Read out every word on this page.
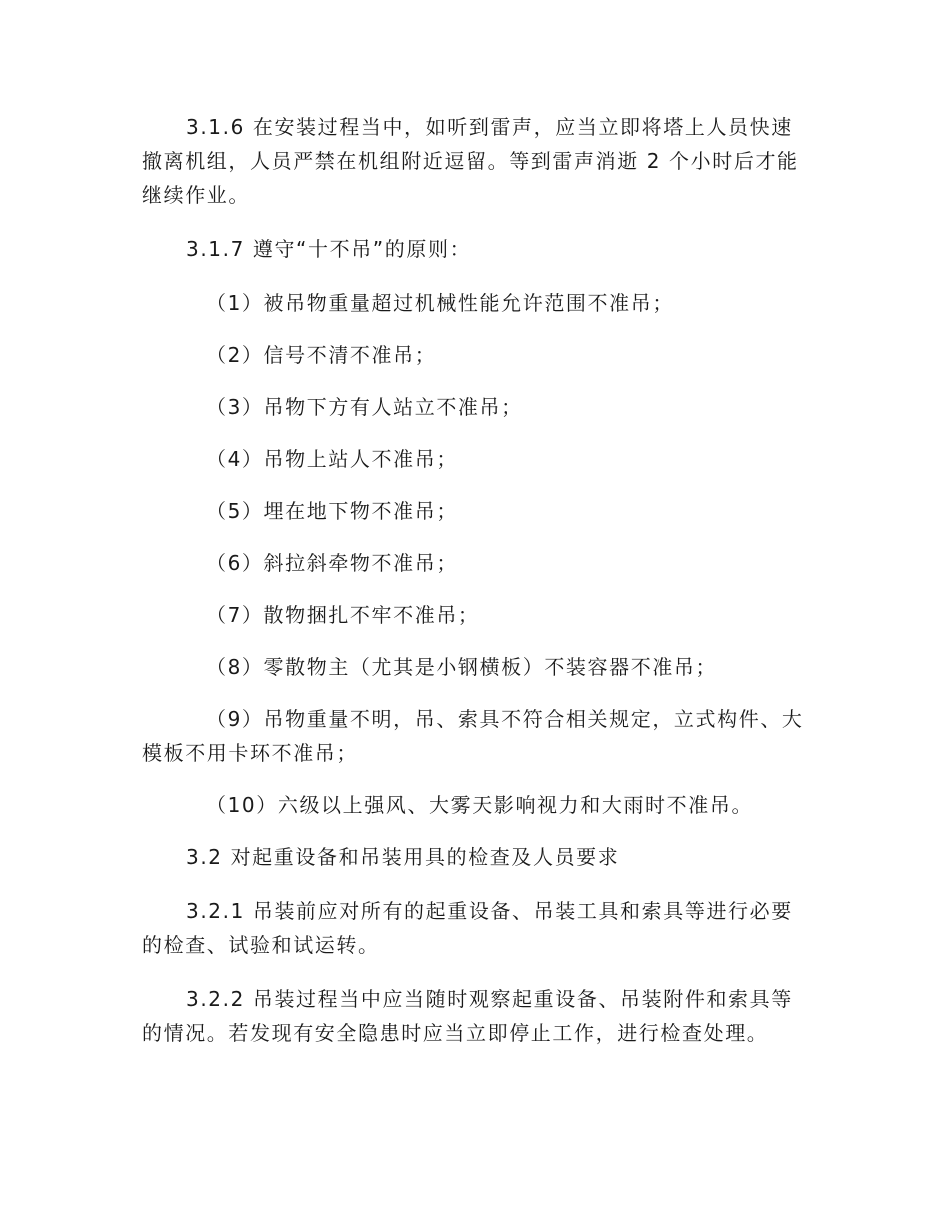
3.1.6 在安装过程当中，如听到雷声，应当立即将塔上人员快速撤离机组，人员严禁在机组附近逗留。等到雷声消逝 2 个小时后才能继续作业。

3.1.7 遵守“十不吊”的原则：

（1）被吊物重量超过机械性能允许范围不准吊；

（2）信号不清不准吊；

（3）吊物下方有人站立不准吊；

（4）吊物上站人不准吊；

（5）埋在地下物不准吊；

（6）斜拉斜牵物不准吊；

（7）散物捆扎不牢不准吊；

（8）零散物主（尤其是小钢横板）不装容器不准吊；

（9）吊物重量不明，吊、索具不符合相关规定，立式构件、大模板不用卡环不准吊；

（10）六级以上强风、大雾天影响视力和大雨时不准吊。

3.2 对起重设备和吊装用具的检查及人员要求

3.2.1 吊装前应对所有的起重设备、吊装工具和索具等进行必要的检查、试验和试运转。

3.2.2 吊装过程当中应当随时观察起重设备、吊装附件和索具等的情况。若发现有安全隐患时应当立即停止工作，进行检查处理。
